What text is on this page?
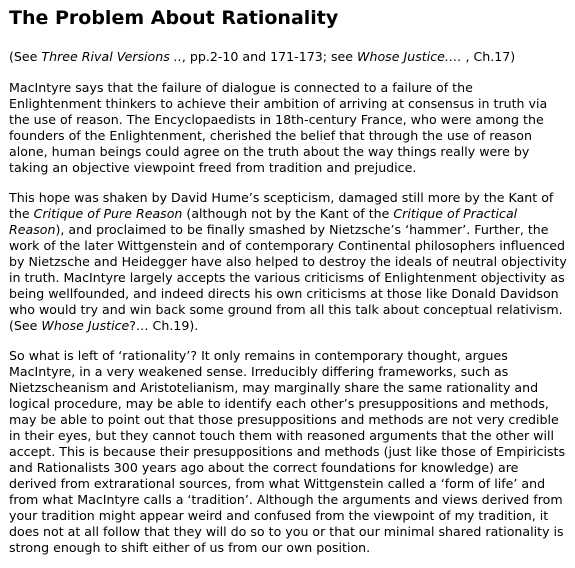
The Problem About Rationality

(See Three Rival Versions .., pp.2-10 and 171-173; see Whose Justice…. , Ch.17)

MacIntyre says that the failure of dialogue is connected to a failure of the Enlightenment thinkers to achieve their ambition of arriving at consensus in truth via the use of reason. The Encyclopaedists in 18th-century France, who were among the founders of the Enlightenment, cherished the belief that through the use of reason alone, human beings could agree on the truth about the way things really were by taking an objective viewpoint freed from tradition and prejudice.

This hope was shaken by David Hume’s scepticism, damaged still more by the Kant of the Critique of Pure Reason (although not by the Kant of the Critique of Practical Reason), and proclaimed to be finally smashed by Nietzsche’s ‘hammer’. Further, the work of the later Wittgenstein and of contemporary Continental philosophers influenced by Nietzsche and Heidegger have also helped to destroy the ideals of neutral objectivity in truth. MacIntyre largely accepts the various criticisms of Enlightenment objectivity as being wellfounded, and indeed directs his own criticisms at those like Donald Davidson who would try and win back some ground from all this talk about conceptual relativism. (See Whose Justice?… Ch.19).

So what is left of ‘rationality’? It only remains in contemporary thought, argues MacIntyre, in a very weakened sense. Irreducibly differing frameworks, such as Nietzscheanism and Aristotelianism, may marginally share the same rationality and logical procedure, may be able to identify each other’s presuppositions and methods, may be able to point out that those presuppositions and methods are not very credible in their eyes, but they cannot touch them with reasoned arguments that the other will accept. This is because their presuppositions and methods (just like those of Empiricists and Rationalists 300 years ago about the correct foundations for knowledge) are derived from extrarational sources, from what Wittgenstein called a ‘form of life’ and from what MacIntyre calls a ‘tradition’. Although the arguments and views derived from your tradition might appear weird and confused from the viewpoint of my tradition, it does not at all follow that they will do so to you or that our minimal shared rationality is strong enough to shift either of us from our own position.
